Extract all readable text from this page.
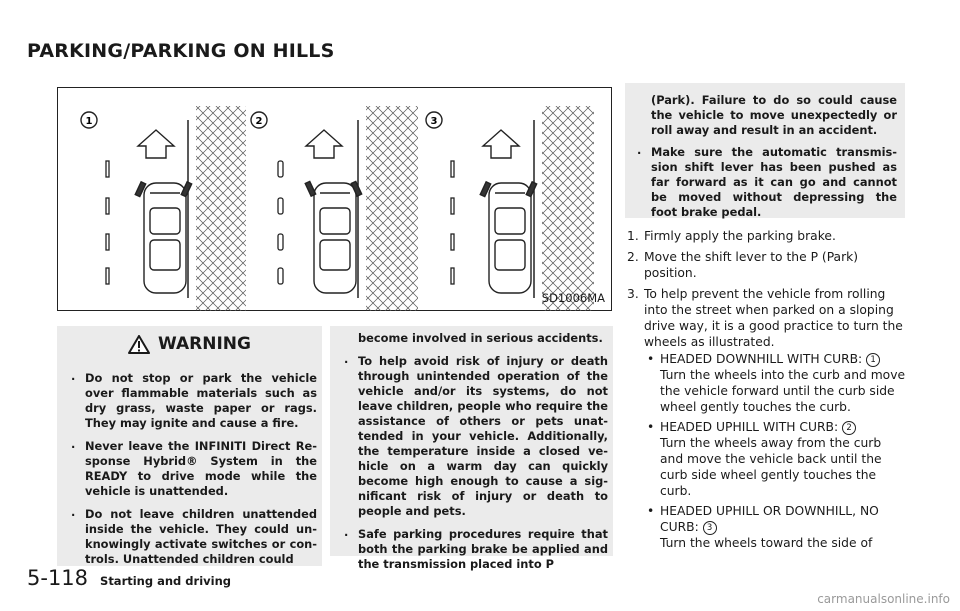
PARKING/PARKING ON HILLS
1	2	3
SD1006MA
WARNING
. Do not stop or park the vehicle over flammable materials such as dry grass, waste paper or rags. They may ignite and cause a fire.
. Never leave the INFINITI Direct Re-sponse Hybrid® System in the READY to drive mode while the vehicle is unattended.
. Do not leave children unattended inside the vehicle. They could un-knowingly activate switches or con-trols. Unattended children could
become involved in serious accidents.
. To help avoid risk of injury or death through unintended operation of the vehicle and/or its systems, do not leave children, people who require the assistance of others or pets unat-tended in your vehicle. Additionally, the temperature inside a closed ve-hicle on a warm day can quickly become high enough to cause a sig-nificant risk of injury or death to people and pets.
. Safe parking procedures require that both the parking brake be applied and the transmission placed into P
(Park). Failure to do so could cause the vehicle to move unexpectedly or roll away and result in an accident.
. Make sure the automatic transmis-sion shift lever has been pushed as far forward as it can go and cannot be moved without depressing the foot brake pedal.
1. Firmly apply the parking brake.
2. Move the shift lever to the P (Park) position.
3. To help prevent the vehicle from rolling into the street when parked on a sloping drive way, it is a good practice to turn the wheels as illustrated.
• HEADED DOWNHILL WITH CURB: 1
Turn the wheels into the curb and move the vehicle forward until the curb side wheel gently touches the curb.
• HEADED UPHILL WITH CURB: 2
Turn the wheels away from the curb and move the vehicle back until the curb side wheel gently touches the curb.
• HEADED UPHILL OR DOWNHILL, NO CURB: 3
Turn the wheels toward the side of
5-118 Starting and driving
carmanualsonline.info
